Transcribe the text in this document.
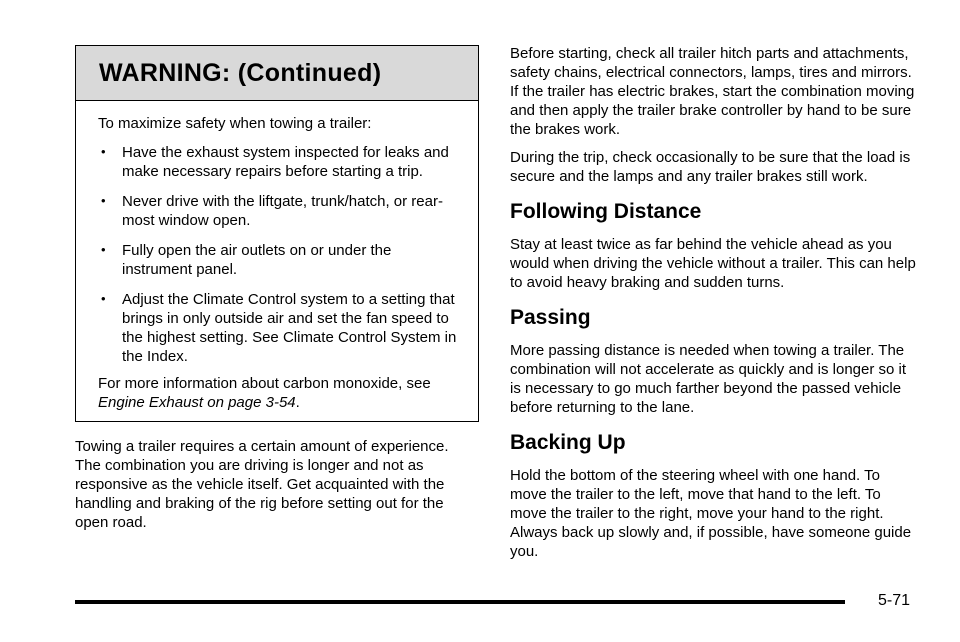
WARNING: (Continued)

To maximize safety when towing a trailer:

• Have the exhaust system inspected for leaks and make necessary repairs before starting a trip.
• Never drive with the liftgate, trunk/hatch, or rear-most window open.
• Fully open the air outlets on or under the instrument panel.
• Adjust the Climate Control system to a setting that brings in only outside air and set the fan speed to the highest setting. See Climate Control System in the Index.

For more information about carbon monoxide, see Engine Exhaust on page 3-54.

Towing a trailer requires a certain amount of experience. The combination you are driving is longer and not as responsive as the vehicle itself. Get acquainted with the handling and braking of the rig before setting out for the open road.

Before starting, check all trailer hitch parts and attachments, safety chains, electrical connectors, lamps, tires and mirrors. If the trailer has electric brakes, start the combination moving and then apply the trailer brake controller by hand to be sure the brakes work.

During the trip, check occasionally to be sure that the load is secure and the lamps and any trailer brakes still work.

Following Distance

Stay at least twice as far behind the vehicle ahead as you would when driving the vehicle without a trailer. This can help to avoid heavy braking and sudden turns.

Passing

More passing distance is needed when towing a trailer. The combination will not accelerate as quickly and is longer so it is necessary to go much farther beyond the passed vehicle before returning to the lane.

Backing Up

Hold the bottom of the steering wheel with one hand. To move the trailer to the left, move that hand to the left. To move the trailer to the right, move your hand to the right. Always back up slowly and, if possible, have someone guide you.

5-71
